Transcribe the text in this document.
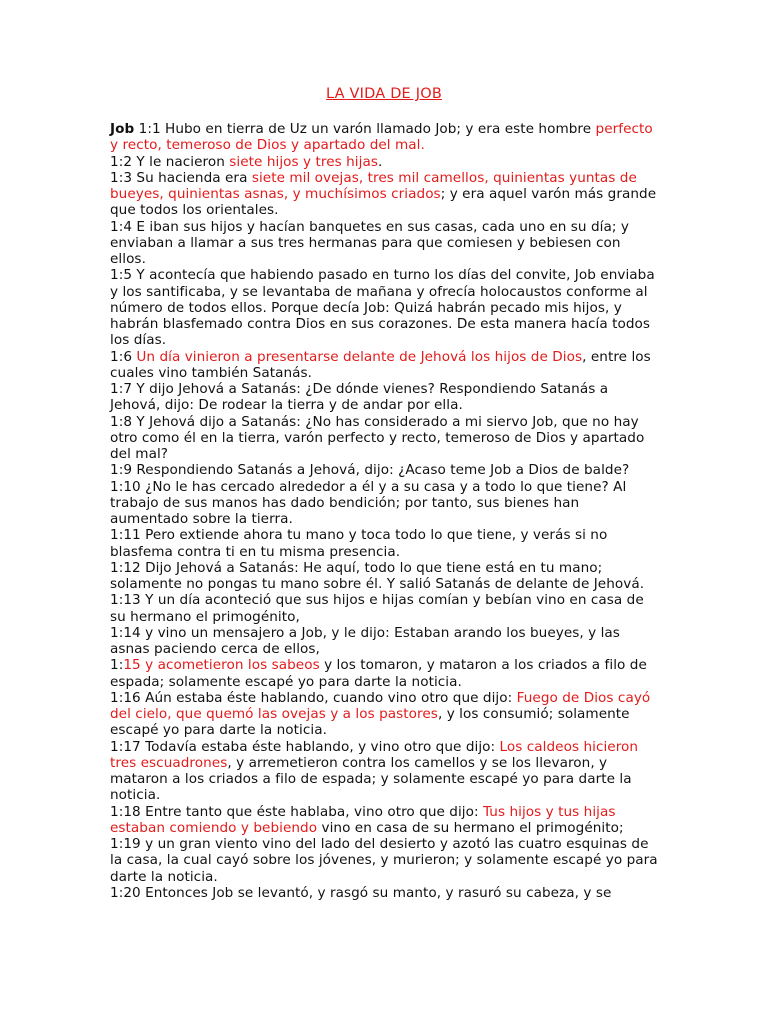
LA VIDA DE JOB

Job 1:1 Hubo en tierra de Uz un varón llamado Job; y era este hombre perfecto y recto, temeroso de Dios y apartado del mal.

1:2 Y le nacieron siete hijos y tres hijas.

1:3 Su hacienda era siete mil ovejas, tres mil camellos, quinientas yuntas de bueyes, quinientas asnas, y muchísimos criados; y era aquel varón más grande que todos los orientales.

1:4 E iban sus hijos y hacían banquetes en sus casas, cada uno en su día; y enviaban a llamar a sus tres hermanas para que comiesen y bebiesen con ellos.

1:5 Y acontecía que habiendo pasado en turno los días del convite, Job enviaba y los santificaba, y se levantaba de mañana y ofrecía holocaustos conforme al número de todos ellos. Porque decía Job: Quizá habrán pecado mis hijos, y habrán blasfemado contra Dios en sus corazones. De esta manera hacía todos los días.

1:6 Un día vinieron a presentarse delante de Jehová los hijos de Dios, entre los cuales vino también Satanás.

1:7 Y dijo Jehová a Satanás: ¿De dónde vienes? Respondiendo Satanás a Jehová, dijo: De rodear la tierra y de andar por ella.

1:8 Y Jehová dijo a Satanás: ¿No has considerado a mi siervo Job, que no hay otro como él en la tierra, varón perfecto y recto, temeroso de Dios y apartado del mal?

1:9 Respondiendo Satanás a Jehová, dijo: ¿Acaso teme Job a Dios de balde?

1:10 ¿No le has cercado alrededor a él y a su casa y a todo lo que tiene? Al trabajo de sus manos has dado bendición; por tanto, sus bienes han aumentado sobre la tierra.

1:11 Pero extiende ahora tu mano y toca todo lo que tiene, y verás si no blasfema contra ti en tu misma presencia.

1:12 Dijo Jehová a Satanás: He aquí, todo lo que tiene está en tu mano; solamente no pongas tu mano sobre él. Y salió Satanás de delante de Jehová.

1:13 Y un día aconteció que sus hijos e hijas comían y bebían vino en casa de su hermano el primogénito,

1:14 y vino un mensajero a Job, y le dijo: Estaban arando los bueyes, y las asnas paciendo cerca de ellos,

1:15 y acometieron los sabeos y los tomaron, y mataron a los criados a filo de espada; solamente escapé yo para darte la noticia.

1:16 Aún estaba éste hablando, cuando vino otro que dijo: Fuego de Dios cayó del cielo, que quemó las ovejas y a los pastores, y los consumió; solamente escapé yo para darte la noticia.

1:17 Todavía estaba éste hablando, y vino otro que dijo: Los caldeos hicieron tres escuadrones, y arremetieron contra los camellos y se los llevaron, y mataron a los criados a filo de espada; y solamente escapé yo para darte la noticia.

1:18 Entre tanto que éste hablaba, vino otro que dijo: Tus hijos y tus hijas estaban comiendo y bebiendo vino en casa de su hermano el primogénito;

1:19 y un gran viento vino del lado del desierto y azotó las cuatro esquinas de la casa, la cual cayó sobre los jóvenes, y murieron; y solamente escapé yo para darte la noticia.

1:20 Entonces Job se levantó, y rasgó su manto, y rasuró su cabeza, y se
